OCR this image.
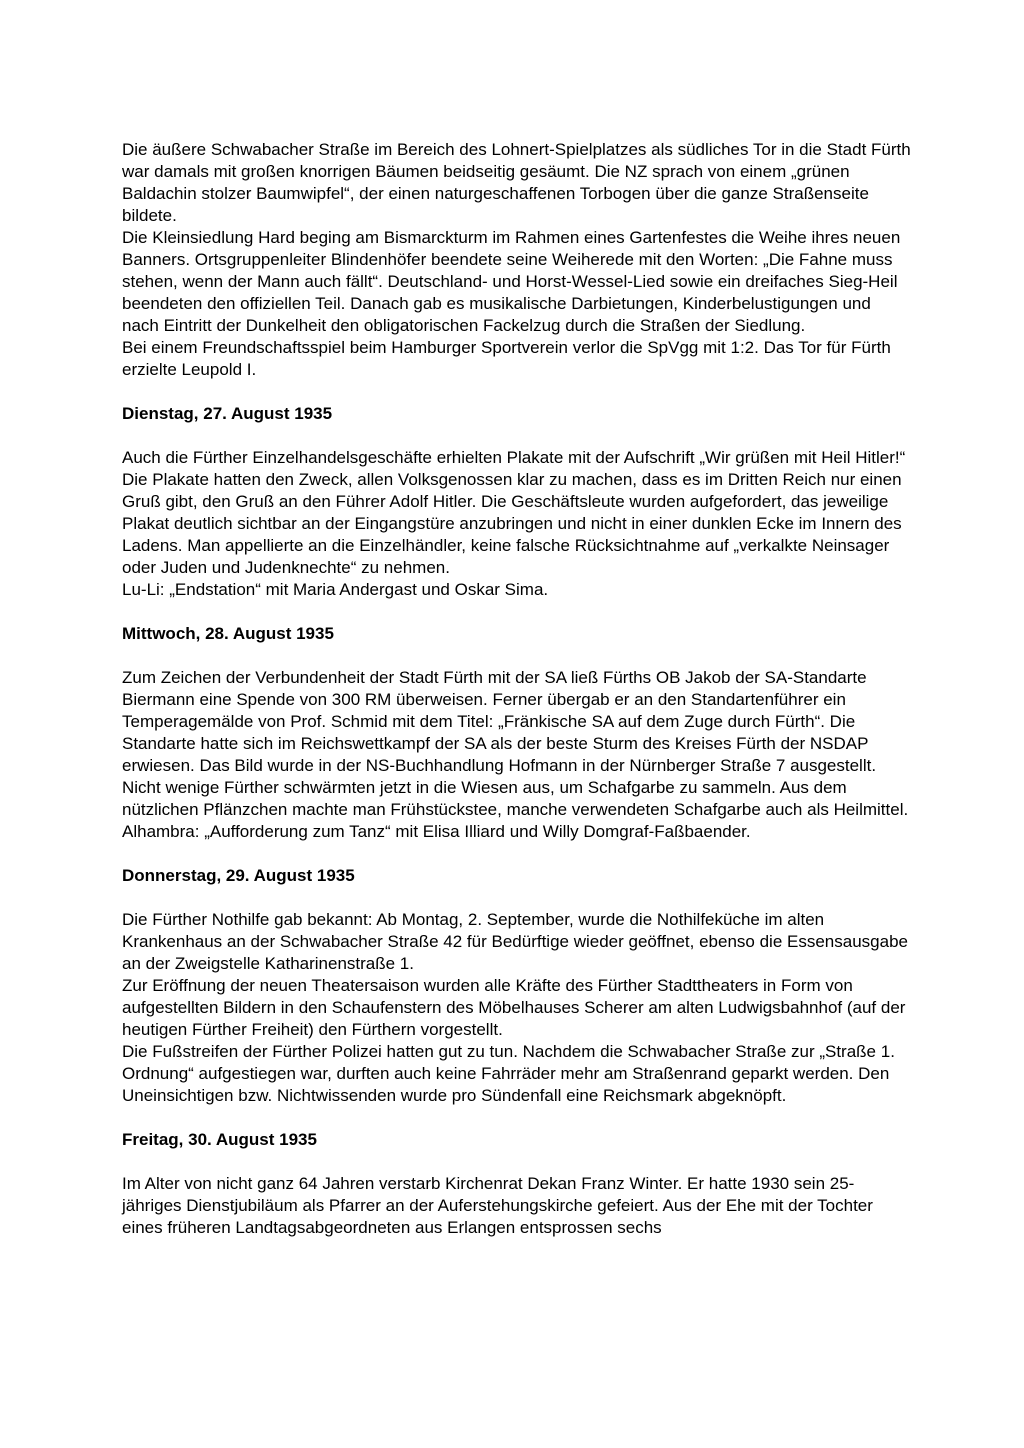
Die äußere Schwabacher Straße im Bereich des Lohnert-Spielplatzes als südliches Tor in die Stadt Fürth war damals mit großen knorrigen Bäumen beidseitig gesäumt. Die NZ sprach von einem „grünen Baldachin stolzer Baumwipfel“, der einen naturgeschaffenen Torbogen über die ganze Straßenseite bildete.

Die Kleinsiedlung Hard beging am Bismarckturm im Rahmen eines Gartenfestes die Weihe ihres neuen Banners. Ortsgruppenleiter Blindenhöfer beendete seine Weiherede mit den Worten: „Die Fahne muss stehen, wenn der Mann auch fällt“. Deutschland- und Horst-Wessel-Lied sowie ein dreifaches Sieg-Heil beendeten den offiziellen Teil. Danach gab es musikalische Darbietungen, Kinderbelustigungen und nach Eintritt der Dunkelheit den obligatorischen Fackelzug durch die Straßen der Siedlung.

Bei einem Freundschaftsspiel beim Hamburger Sportverein verlor die SpVgg mit 1:2. Das Tor für Fürth erzielte Leupold I.

Dienstag, 27. August 1935

Auch die Fürther Einzelhandelsgeschäfte erhielten Plakate mit der Aufschrift „Wir grüßen mit Heil Hitler!“ Die Plakate hatten den Zweck, allen Volksgenossen klar zu machen, dass es im Dritten Reich nur einen Gruß gibt, den Gruß an den Führer Adolf Hitler. Die Geschäftsleute wurden aufgefordert, das jeweilige Plakat deutlich sichtbar an der Eingangstüre anzubringen und nicht in einer dunklen Ecke im Innern des Ladens. Man appellierte an die Einzelhändler, keine falsche Rücksichtnahme auf „verkalkte Neinsager oder Juden und Judenknechte“ zu nehmen.

Lu-Li: „Endstation“ mit Maria Andergast und Oskar Sima.

Mittwoch, 28. August 1935

Zum Zeichen der Verbundenheit der Stadt Fürth mit der SA ließ Fürths OB Jakob der SA-Standarte Biermann eine Spende von 300 RM überweisen. Ferner übergab er an den Standartenführer ein Temperagemälde von Prof. Schmid mit dem Titel: „Fränkische SA auf dem Zuge durch Fürth“. Die Standarte hatte sich im Reichswettkampf der SA als der beste Sturm des Kreises Fürth der NSDAP erwiesen. Das Bild wurde in der NS-Buchhandlung Hofmann in der Nürnberger Straße 7 ausgestellt.

Nicht wenige Fürther schwärmten jetzt in die Wiesen aus, um Schafgarbe zu sammeln. Aus dem nützlichen Pflänzchen machte man Frühstückstee, manche verwendeten Schafgarbe auch als Heilmittel.

Alhambra: „Aufforderung zum Tanz“ mit Elisa Illiard und Willy Domgraf-Faßbaender.

Donnerstag, 29. August 1935

Die Fürther Nothilfe gab bekannt: Ab Montag, 2. September, wurde die Nothilfeküche im alten Krankenhaus an der Schwabacher Straße 42 für Bedürftige wieder geöffnet, ebenso die Essensausgabe an der Zweigstelle Katharinenstraße 1.

Zur Eröffnung der neuen Theatersaison wurden alle Kräfte des Fürther Stadttheaters in Form von aufgestellten Bildern in den Schaufenstern des Möbelhauses Scherer am alten Ludwigsbahnhof (auf der heutigen Fürther Freiheit) den Fürthern vorgestellt.

Die Fußstreifen der Fürther Polizei hatten gut zu tun. Nachdem die Schwabacher Straße zur „Straße 1. Ordnung“ aufgestiegen war, durften auch keine Fahrräder mehr am Straßenrand geparkt werden. Den Uneinsichtigen bzw. Nichtwissenden wurde pro Sündenfall eine Reichsmark abgeknöpft.

Freitag, 30. August 1935

Im Alter von nicht ganz 64 Jahren verstarb Kirchenrat Dekan Franz Winter. Er hatte 1930 sein 25-jähriges Dienstjubiläum als Pfarrer an der Auferstehungskirche gefeiert. Aus der Ehe mit der Tochter eines früheren Landtagsabgeordneten aus Erlangen entsprossen sechs
